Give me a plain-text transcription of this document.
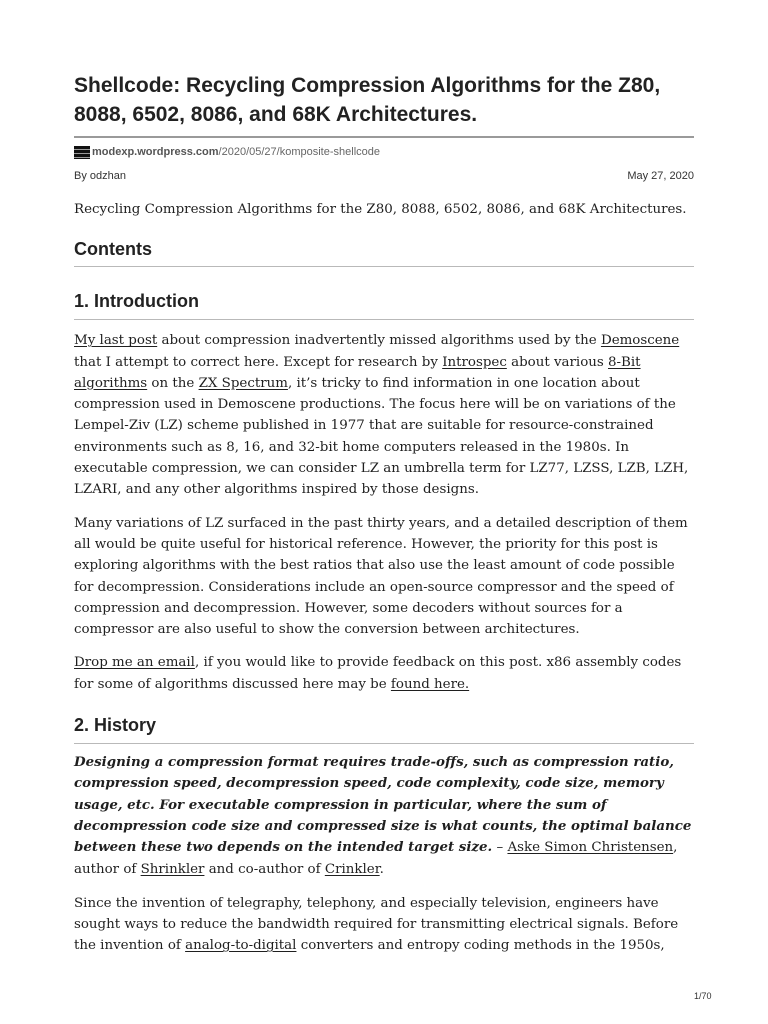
Shellcode: Recycling Compression Algorithms for the Z80, 8088, 6502, 8086, and 68K Architectures.
modexp.wordpress.com /2020/05/27/komposite-shellcode
By odzhan	May 27, 2020

Recycling Compression Algorithms for the Z80, 8088, 6502, 8086, and 68K Architectures.

Contents
1. Introduction

My last post about compression inadvertently missed algorithms used by the Demoscene that I attempt to correct here. Except for research by Introspec about various 8-Bit algorithms on the ZX Spectrum, it’s tricky to find information in one location about compression used in Demoscene productions. The focus here will be on variations of the Lempel-Ziv (LZ) scheme published in 1977 that are suitable for resource-constrained environments such as 8, 16, and 32-bit home computers released in the 1980s. In executable compression, we can consider LZ an umbrella term for LZ77, LZSS, LZB, LZH, LZARI, and any other algorithms inspired by those designs.

Many variations of LZ surfaced in the past thirty years, and a detailed description of them all would be quite useful for historical reference. However, the priority for this post is exploring algorithms with the best ratios that also use the least amount of code possible for decompression. Considerations include an open-source compressor and the speed of compression and decompression. However, some decoders without sources for a compressor are also useful to show the conversion between architectures.

Drop me an email, if you would like to provide feedback on this post. x86 assembly codes for some of algorithms discussed here may be found here.

2. History

Designing a compression format requires trade-offs, such as compression ratio, compression speed, decompression speed, code complexity, code size, memory usage, etc. For executable compression in particular, where the sum of decompression code size and compressed size is what counts, the optimal balance between these two depends on the intended target size. – Aske Simon Christensen, author of Shrinkler and co-author of Crinkler.

Since the invention of telegraphy, telephony, and especially television, engineers have sought ways to reduce the bandwidth required for transmitting electrical signals. Before the invention of analog-to-digital converters and entropy coding methods in the 1950s,

1/70
